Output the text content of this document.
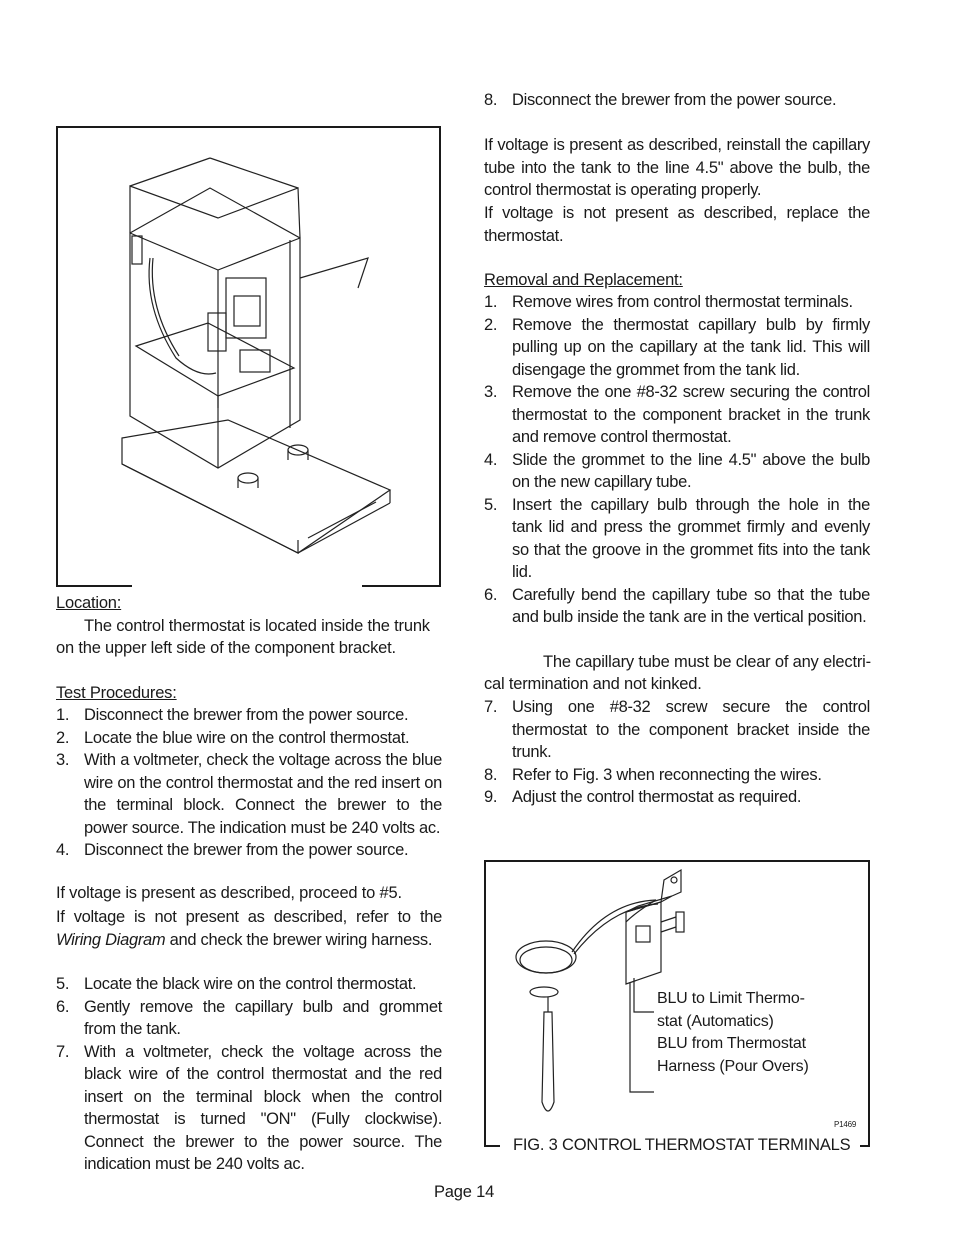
Location:
The control thermostat is located inside the trunk
on the upper left side of the component bracket.
Test Procedures:
1. Disconnect the brewer from the power source.
2. Locate the blue wire on the control thermostat.
3. With a voltmeter, check the voltage across the blue wire on the control thermostat and the red insert on the terminal block. Connect the brewer to the power source. The indication must be 240 volts ac.
4. Disconnect the brewer from the power source.
If voltage is present as described, proceed to #5.
If voltage is not present as described, refer to the
Wiring Diagram and check the brewer wiring harness.
5. Locate the black wire on the control thermostat.
6. Gently remove the capillary bulb and grommet from the tank.
7. With a voltmeter, check the voltage across the black wire of the control thermostat and the red insert on the terminal block when the control thermostat is turned "ON" (Fully clockwise). Connect the brewer to the power source. The indication must be 240 volts ac.
8. Disconnect the brewer from the power source.
If voltage is present as described, reinstall the capillary tube into the tank to the line 4.5" above the bulb, the control thermostat is operating properly.
If voltage is not present as described, replace the thermostat.
Removal and Replacement:
1. Remove wires from control thermostat terminals.
2. Remove the thermostat capillary bulb by firmly pulling up on the capillary at the tank lid. This will disengage the grommet from the tank lid.
3. Remove the one #8-32 screw securing the control thermostat to the component bracket in the trunk and remove control thermostat.
4. Slide the grommet to the line 4.5" above the bulb on the new capillary tube.
5. Insert the capillary bulb through the hole in the tank lid and press the grommet firmly and evenly so that the groove in the grommet fits into the tank lid.
6. Carefully bend the capillary tube so that the tube and bulb inside the tank are in the vertical position.
The capillary tube must be clear of any electri-
cal termination and not kinked.
7. Using one #8-32 screw secure the control thermostat to the component bracket inside the trunk.
8. Refer to Fig. 3 when reconnecting the wires.
9. Adjust the control thermostat as required.
BLU to Limit Thermo-
stat (Automatics)
BLU from Thermostat
Harness (Pour Overs)
P1469
FIG. 3 CONTROL THERMOSTAT TERMINALS
Page 14
